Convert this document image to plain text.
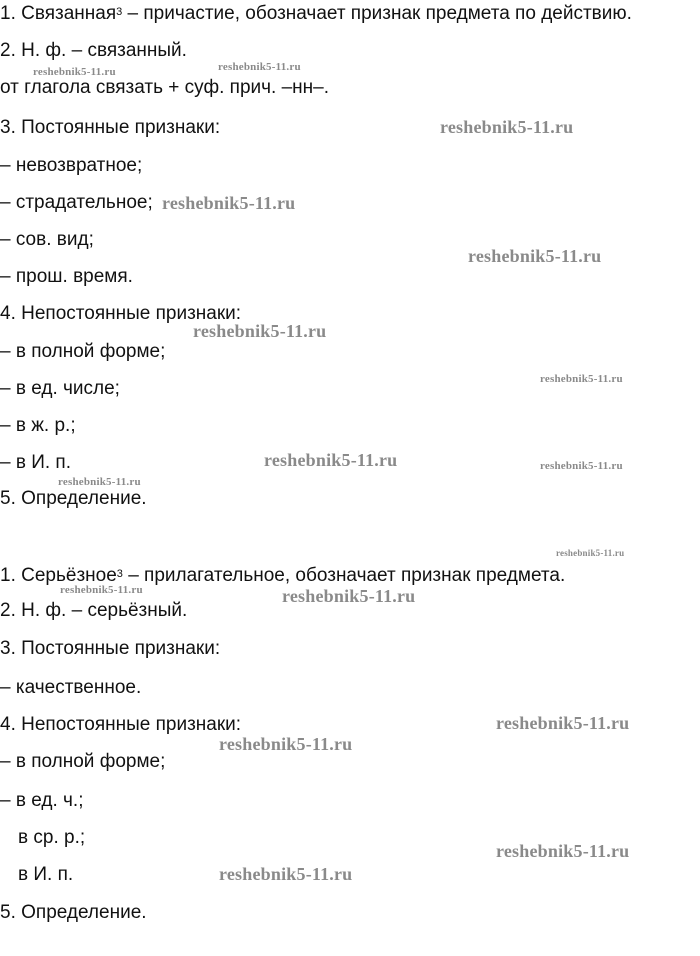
1. Связанная$^3$ – причастие, обозначает признак предмета по действию.
2. Н. ф. – связанный.
от глагола связать + суф. прич. –нн–.
3. Постоянные признаки:
– невозвратное;
– страдательное;
– сов. вид;
– прош. время.
4. Непостоянные признаки:
– в полной форме;
– в ед. числе;
– в ж. р.;
– в И. п.
5. Определение.
1. Серьёзное$^3$ – прилагательное, обозначает признак предмета.
2. Н. ф. – серьёзный.
3. Постоянные признаки:
– качественное.
4. Непостоянные признаки:
– в полной форме;
– в ед. ч.;
в ср. р.;
в И. п.
5. Определение.
reshebnik5-11.ru	reshebnik5-11.ru
reshebnik5-11.ru
reshebnik5-11.ru
reshebnik5-11.ru
reshebnik5-11.ru
reshebnik5-11.ru
reshebnik5-11.ru	reshebnik5-11.ru
reshebnik5-11.ru
reshebnik5-11.ru
reshebnik5-11.ru	reshebnik5-11.ru
reshebnik5-11.ru
reshebnik5-11.ru
reshebnik5-11.ru
reshebnik5-11.ru
